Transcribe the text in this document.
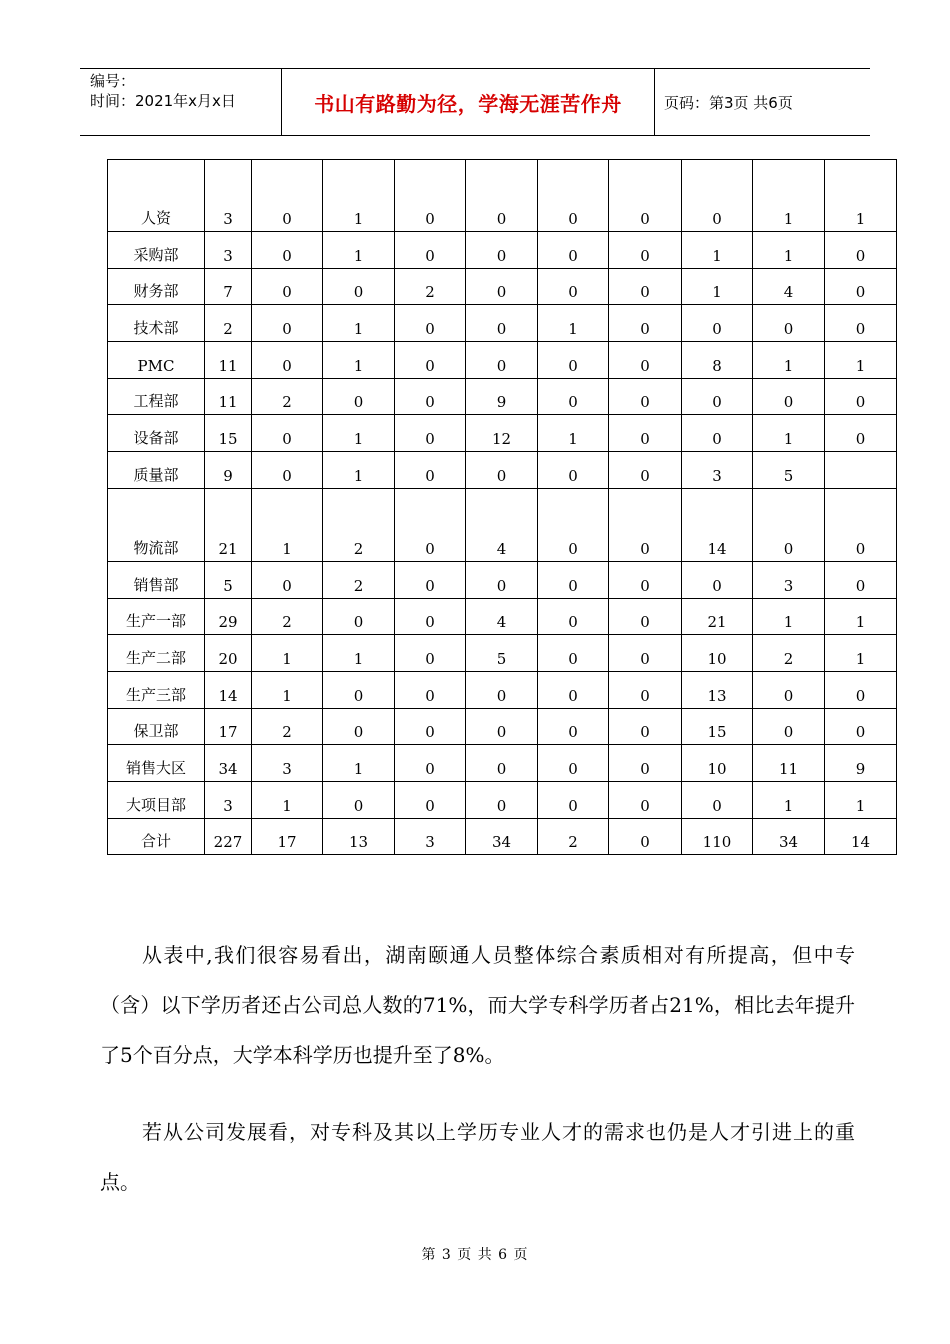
编号：
时间：2021年x月x日	书山有路勤为径，学海无涯苦作舟	页码：第3页 共6页
人资	3	0	1	0	0	0	0	0	1	1
采购部	3	0	1	0	0	0	0	1	1	0
财务部	7	0	0	2	0	0	0	1	4	0
技术部	2	0	1	0	0	1	0	0	0	0
PMC	11	0	1	0	0	0	0	8	1	1
工程部	11	2	0	0	9	0	0	0	0	0
设备部	15	0	1	0	12	1	0	0	1	0
质量部	9	0	1	0	0	0	0	3	5	
物流部	21	1	2	0	4	0	0	14	0	0
销售部	5	0	2	0	0	0	0	0	3	0
生产一部	29	2	0	0	4	0	0	21	1	1
生产二部	20	1	1	0	5	0	0	10	2	1
生产三部	14	1	0	0	0	0	0	13	0	0
保卫部	17	2	0	0	0	0	0	15	0	0
销售大区	34	3	1	0	0	0	0	10	11	9
大项目部	3	1	0	0	0	0	0	0	1	1
合计	227	17	13	3	34	2	0	110	34	14

从表中,我们很容易看出，湖南颐通人员整体综合素质相对有所提高，但中专（含）以下学历者还占公司总人数的71%，而大学专科学历者占21%，相比去年提升了5个百分点，大学本科学历也提升至了8%。

若从公司发展看，对专科及其以上学历专业人才的需求也仍是人才引进上的重点。

第 3 页 共 6 页
